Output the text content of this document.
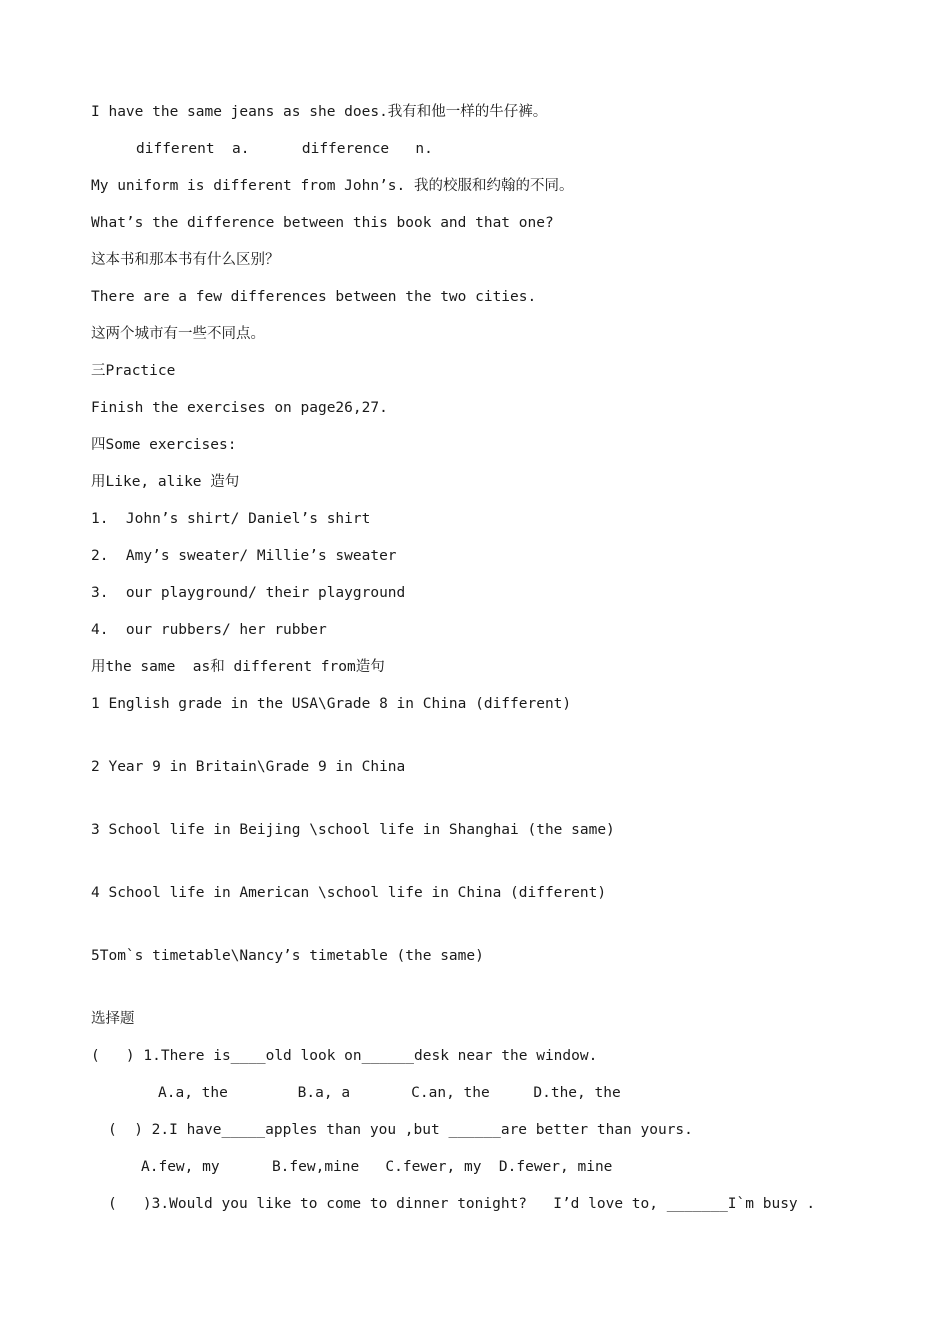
I have the same jeans as she does.我有和他一样的牛仔裤。
different  a.      difference   n.
My uniform is different from John’s. 我的校服和约翰的不同。
What’s the difference between this book and that one?
这本书和那本书有什么区别？
There are a few differences between the two cities.
这两个城市有一些不同点。
三Practice
Finish the exercises on page26,27.
四Some exercises:
用Like, alike 造句
1.  John’s shirt/ Daniel’s shirt
2.  Amy’s sweater/ Millie’s sweater
3.  our playground/ their playground
4.  our rubbers/ her rubber
用the same  as和 different from造句
1 English grade in the USA\Grade 8 in China (different)
2 Year 9 in Britain\Grade 9 in China
3 School life in Beijing \school life in Shanghai (the same)
4 School life in American \school life in China (different)
5Tom`s timetable\Nancy’s timetable (the same)
选择题
(   ) 1.There is____old look on______desk near the window.
A.a, the        B.a, a       C.an, the     D.the, the
(  ) 2.I have_____apples than you ,but ______are better than yours.
A.few, my      B.few,mine   C.fewer, my  D.fewer, mine
(   )3.Would you like to come to dinner tonight?   I’d love to, _______I`m busy .
